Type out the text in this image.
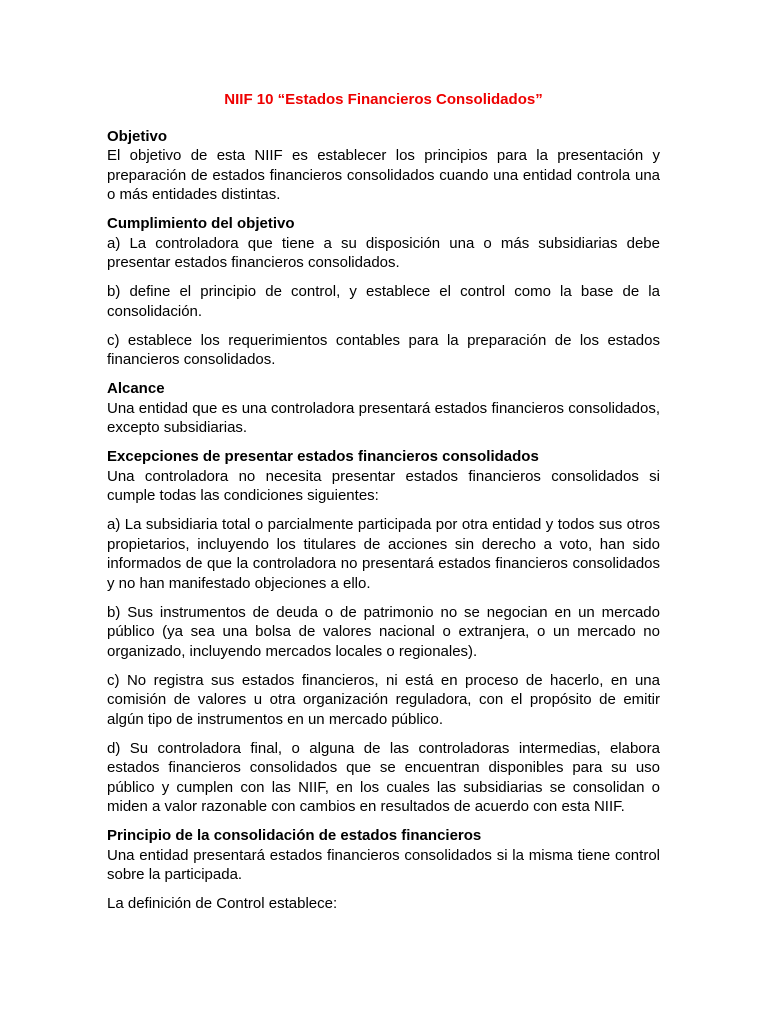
NIIF 10 “Estados Financieros Consolidados”
Objetivo

El objetivo de esta NIIF es establecer los principios para la presentación y preparación de estados financieros consolidados cuando una entidad controla una o más entidades distintas.

Cumplimiento del objetivo

a) La controladora que tiene a su disposición una o más subsidiarias debe presentar estados financieros consolidados.

b) define el principio de control, y establece el control como la base de la consolidación.

c) establece los requerimientos contables para la preparación de los estados financieros consolidados.

Alcance

Una entidad que es una controladora presentará estados financieros consolidados, excepto subsidiarias.

Excepciones de presentar estados financieros consolidados

Una controladora no necesita presentar estados financieros consolidados si cumple todas las condiciones siguientes:

a) La subsidiaria total o parcialmente participada por otra entidad y todos sus otros propietarios, incluyendo los titulares de acciones sin derecho a voto, han sido informados de que la controladora no presentará estados financieros consolidados y no han manifestado objeciones a ello.

b) Sus instrumentos de deuda o de patrimonio no se negocian en un mercado público (ya sea una bolsa de valores nacional o extranjera, o un mercado no organizado, incluyendo mercados locales o regionales).

c) No registra sus estados financieros, ni está en proceso de hacerlo, en una comisión de valores u otra organización reguladora, con el propósito de emitir algún tipo de instrumentos en un mercado público.

d) Su controladora final, o alguna de las controladoras intermedias, elabora estados financieros consolidados que se encuentran disponibles para su uso público y cumplen con las NIIF, en los cuales las subsidiarias se consolidan o miden a valor razonable con cambios en resultados de acuerdo con esta NIIF.

Principio de la consolidación de estados financieros

Una entidad presentará estados financieros consolidados si la misma tiene control sobre la participada.

La definición de Control establece:
